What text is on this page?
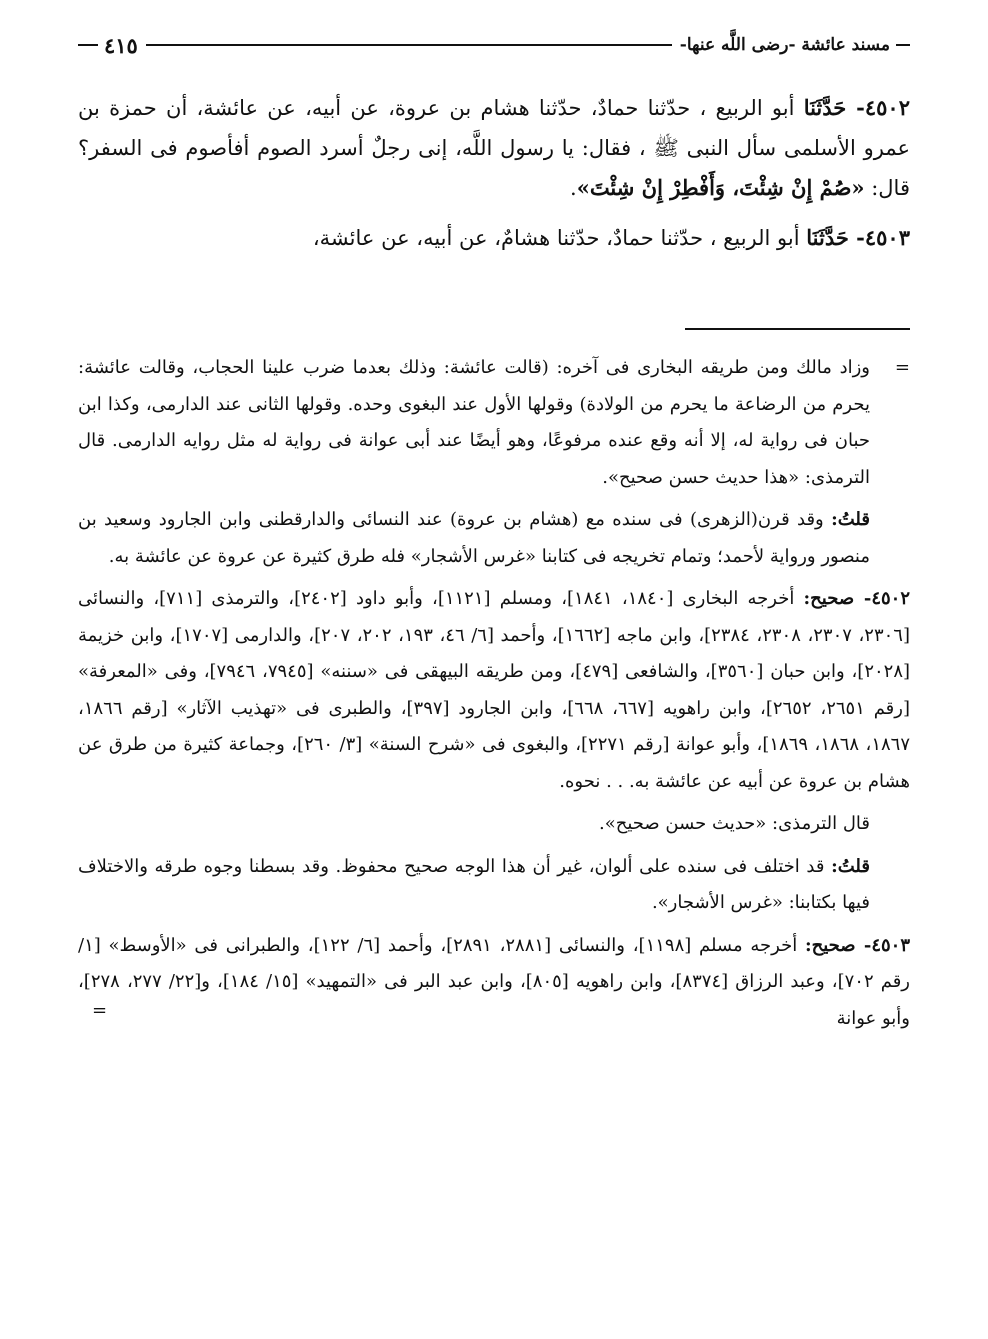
مسند عائشة -رضى اللَّه عنها-
٤١٥

٤٥٠٢- حَدَّثَنَا أبو الربيع ، حدّثنا حمادٌ، حدّثنا هشام بن عروة، عن أبيه، عن عائشة، أن حمزة بن عمرو الأسلمى سأل النبى ﷺ ، فقال: يا رسول اللَّه، إنى رجلٌ أسرد الصوم أفأصوم فى السفر؟ قال: «صُمْ إِنْ شِئْتَ، وَأَفْطِرْ إِنْ شِئْتَ».

٤٥٠٣- حَدَّثَنَا أبو الربيع ، حدّثنا حمادٌ، حدّثنا هشامٌ، عن أبيه، عن عائشة،

=
وزاد مالك ومن طريقه البخارى فى آخره: (قالت عائشة: وذلك بعدما ضرب علينا الحجاب، وقالت عائشة: يحرم من الرضاعة ما يحرم من الولادة) وقولها الأول عند البغوى وحده. وقولها الثانى عند الدارمى، وكذا ابن حبان فى رواية له، إلا أنه وقع عنده مرفوعًا، وهو أيضًا عند أبى عوانة فى رواية له مثل روايه الدارمى. قال الترمذى: «هذا حديث حسن صحيح».

قلتُ: وقد قرن(الزهرى) فى سنده مع (هشام بن عروة) عند النسائى والدارقطنى وابن الجارود وسعيد بن منصور ورواية لأحمد؛ وتمام تخريجه فى كتابنا «غرس الأشجار» فله طرق كثيرة عن عروة عن عائشة به.

٤٥٠٢- صحيح: أخرجه البخارى [١٨٤٠، ١٨٤١]، ومسلم [١١٢١]، وأبو داود [٢٤٠٢]، والترمذى [٧١١]، والنسائى [٢٣٠٦، ٢٣٠٧، ٢٣٠٨، ٢٣٨٤]، وابن ماجه [١٦٦٢]، وأحمد [٦/ ٤٦، ١٩٣، ٢٠٢، ٢٠٧]، والدارمى [١٧٠٧]، وابن خزيمة [٢٠٢٨]، وابن حبان [٣٥٦٠]، والشافعى [٤٧٩]، ومن طريقه البيهقى فى «سننه» [٧٩٤٥، ٧٩٤٦]، وفى «المعرفة» [رقم ٢٦٥١، ٢٦٥٢]، وابن راهويه [٦٦٧، ٦٦٨]، وابن الجارود [٣٩٧]، والطبرى فى «تهذيب الآثار» [رقم ١٨٦٦، ١٨٦٧، ١٨٦٨، ١٨٦٩]، وأبو عوانة [رقم ٢٢٧١]، والبغوى فى «شرح السنة» [٣/ ٢٦٠]، وجماعة كثيرة من طرق عن هشام بن عروة عن أبيه عن عائشة به. . . نحوه.

قال الترمذى: «حديث حسن صحيح».

قلتُ: قد اختلف فى سنده على ألوان، غير أن هذا الوجه صحيح محفوظ. وقد بسطنا وجوه طرقه والاختلاف فيها بكتابنا: «غرس الأشجار».

٤٥٠٣- صحيح: أخرجه مسلم [١١٩٨]، والنسائى [٢٨٨١، ٢٨٩١]، وأحمد [٦/ ١٢٢]، والطبرانى فى «الأوسط» [١/ رقم ٧٠٢]، وعبد الرزاق [٨٣٧٤]، وابن راهويه [٨٠٥]، وابن عبد البر فى «التمهيد» [١٥/ ١٨٤]، و[٢٢/ ٢٧٧، ٢٧٨]، وأبو عوانة
=
